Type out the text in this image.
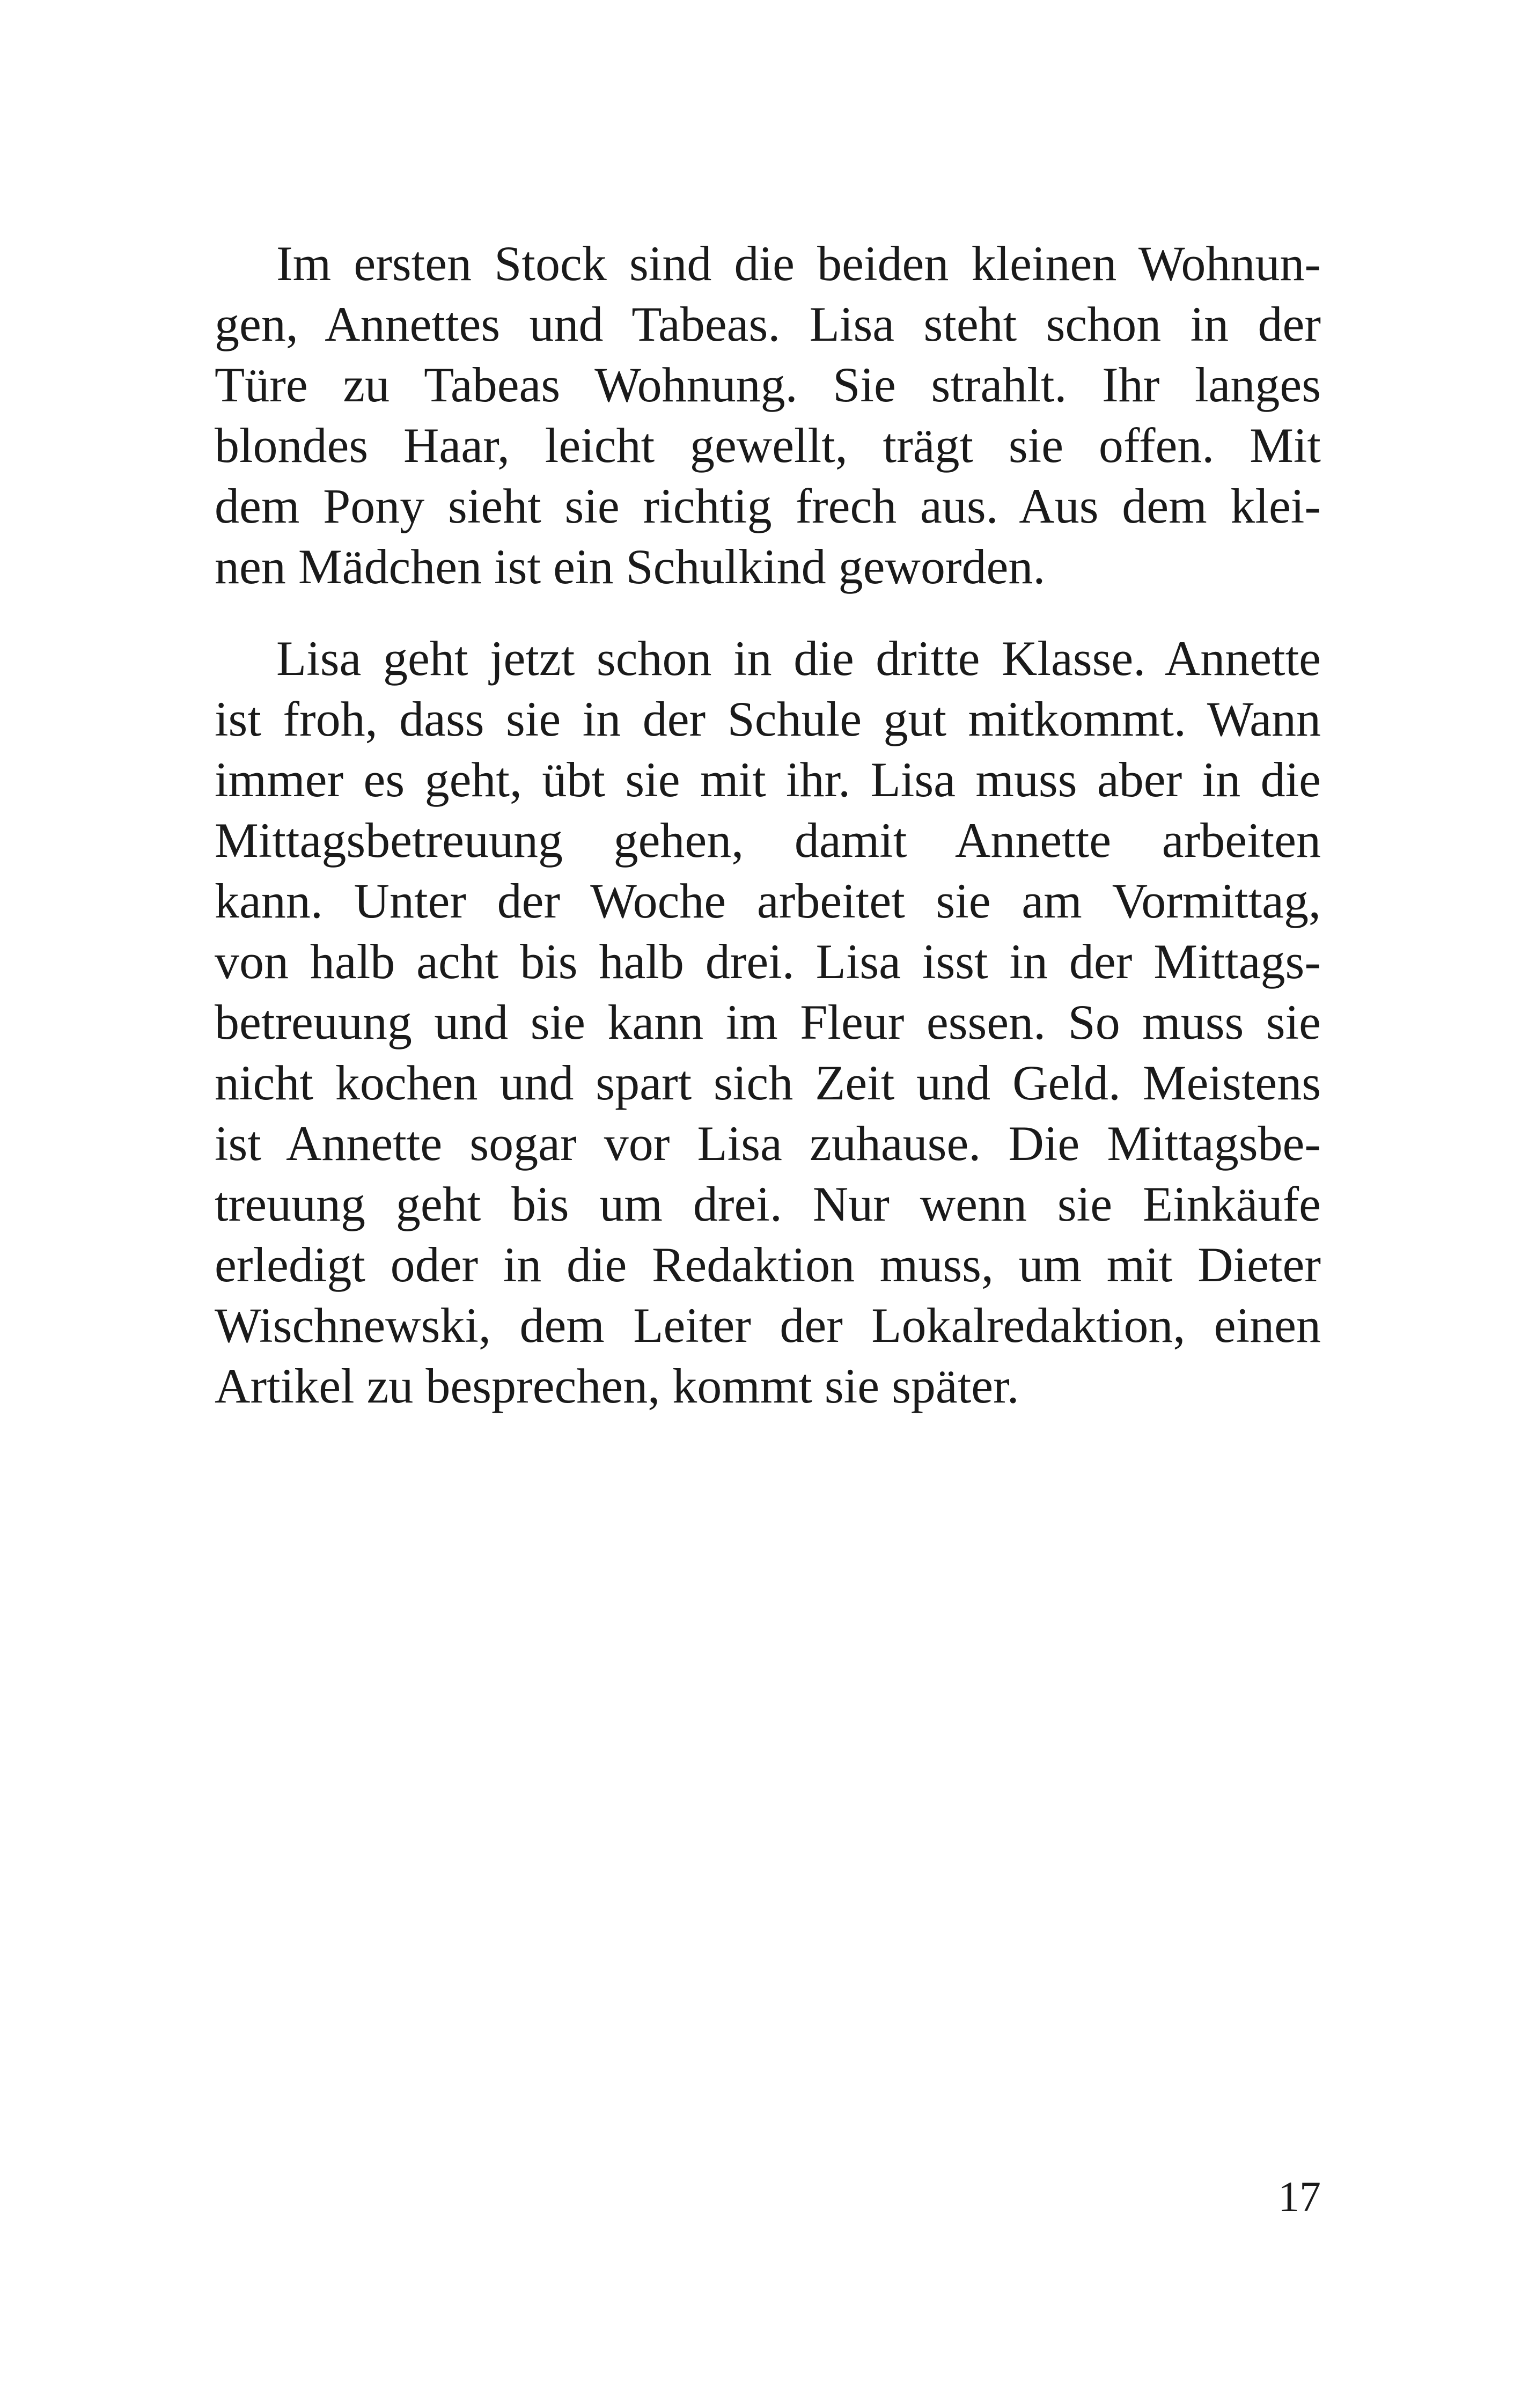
Im ersten Stock sind die beiden kleinen Wohnun-
gen, Annettes und Tabeas. Lisa steht schon in der
Türe zu Tabeas Wohnung. Sie strahlt. Ihr langes
blondes Haar, leicht gewellt, trägt sie offen. Mit
dem Pony sieht sie richtig frech aus. Aus dem klei-
nen Mädchen ist ein Schulkind geworden.
Lisa geht jetzt schon in die dritte Klasse. Annette
ist froh, dass sie in der Schule gut mitkommt. Wann
immer es geht, übt sie mit ihr. Lisa muss aber in die
Mittagsbetreuung gehen, damit Annette arbeiten
kann. Unter der Woche arbeitet sie am Vormittag,
von halb acht bis halb drei. Lisa isst in der Mittags-
betreuung und sie kann im Fleur essen. So muss sie
nicht kochen und spart sich Zeit und Geld. Meistens
ist Annette sogar vor Lisa zuhause. Die Mittagsbe-
treuung geht bis um drei. Nur wenn sie Einkäufe
erledigt oder in die Redaktion muss, um mit Dieter
Wischnewski, dem Leiter der Lokalredaktion, einen
Artikel zu besprechen, kommt sie später.
17
